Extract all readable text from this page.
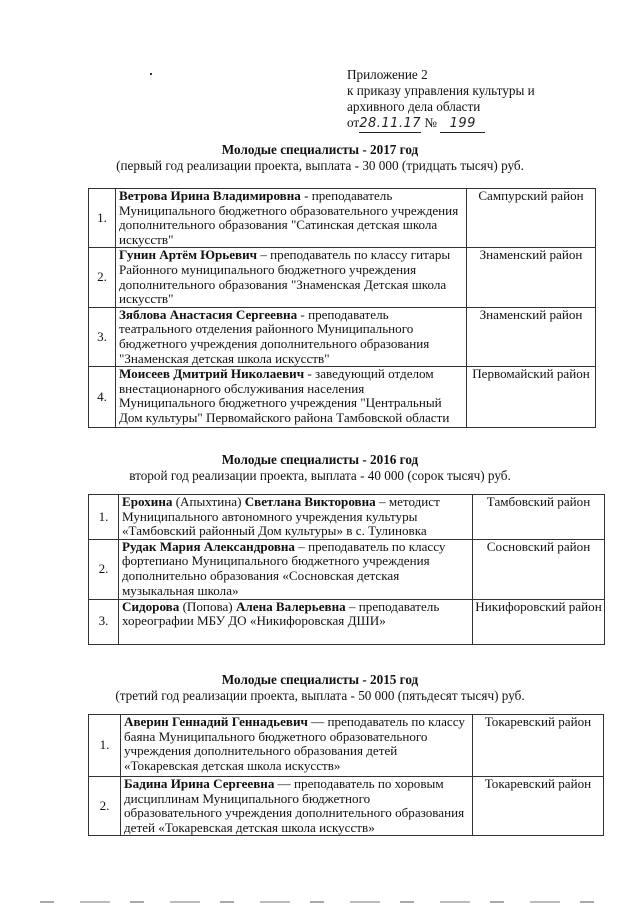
Приложение 2
к приказу управления культуры и
архивного дела области
от28.11.17 № 199
Молодые специалисты - 2017 год
(первый год реализации проекта, выплата - 30 000 (тридцать тысяч) руб.
1.	Ветрова Ирина Владимировна - преподаватель Муниципального бюджетного образовательного учреждения дополнительного образования "Сатинская детская школа искусств"	Сампурский район
2.	Гунин Артём Юрьевич – преподаватель по классу гитары Районного муниципального бюджетного учреждения дополнительного образования "Знаменская Детская школа искусств"	Знаменский район
3.	Зяблова Анастасия Сергеевна - преподаватель театрального отделения районного Муниципального бюджетного учреждения дополнительного образования "Знаменская детская школа искусств"	Знаменский район
4.	Моисеев Дмитрий Николаевич - заведующий отделом внестационарного обслуживания населения Муниципального бюджетного учреждения "Центральный Дом культуры" Первомайского района Тамбовской области	Первомайский район
Молодые специалисты - 2016 год
второй год реализации проекта, выплата - 40 000 (сорок тысяч) руб.
1.	Ерохина (Апыхтина) Светлана Викторовна – методист Муниципального автономного учреждения культуры «Тамбовский районный Дом культуры» в с. Тулиновка	Тамбовский район
2.	Рудак Мария Александровна – преподаватель по классу фортепиано Муниципального бюджетного учреждения дополнительно образования «Сосновская детская музыкальная школа»	Сосновский район
3.	Сидорова (Попова) Алена Валерьевна – преподаватель хореографии МБУ ДО «Никифоровская ДШИ»	Никифоровский район
Молодые специалисты - 2015 год
(третий год реализации проекта, выплата - 50 000 (пятьдесят тысяч) руб.
1.	Аверин Геннадий Геннадьевич — преподаватель по классу баяна Муниципального бюджетного образовательного учреждения дополнительного образования детей «Токаревская детская школа искусств»	Токаревский район
2.	Бадина Ирина Сергеевна — преподаватель по хоровым дисциплинам Муниципального бюджетного образовательного учреждения дополнительного образования детей «Токаревская детская школа искусств»	Токаревский район
